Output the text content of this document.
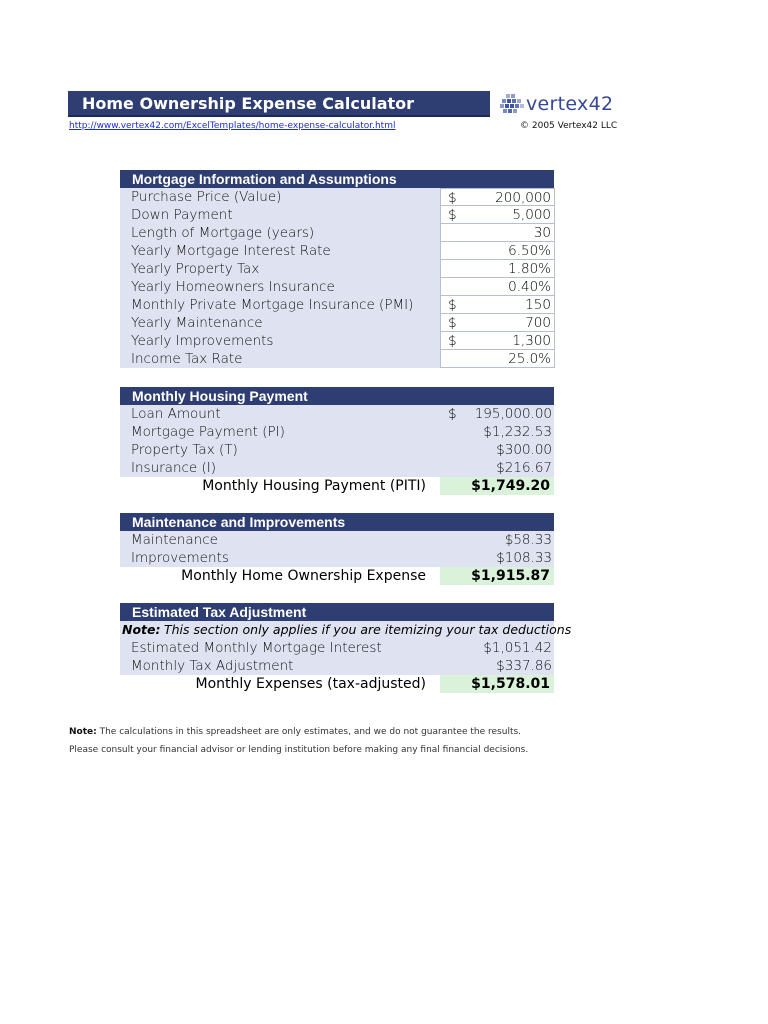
Home Ownership Expense Calculator	vertex42
http://www.vertex42.com/ExcelTemplates/home-expense-calculator.html	© 2005 Vertex42 LLC
Mortgage Information and Assumptions
Purchase Price (Value)	$	200,000
Down Payment	$	5,000
Length of Mortgage (years)	30
Yearly Mortgage Interest Rate	6.50%
Yearly Property Tax	1.80%
Yearly Homeowners Insurance	0.40%
Monthly Private Mortgage Insurance (PMI)	$	150
Yearly Maintenance	$	700
Yearly Improvements	$	1,300
Income Tax Rate	25.0%
Monthly Housing Payment
Loan Amount	$ 195,000.00
Mortgage Payment (PI)	$1,232.53
Property Tax (T)	$300.00
Insurance (I)	$216.67
Monthly Housing Payment (PITI)	$1,749.20
Maintenance and Improvements
Maintenance	$58.33
Improvements	$108.33
Monthly Home Ownership Expense	$1,915.87
Estimated Tax Adjustment
Note: This section only applies if you are itemizing your tax deductions
Estimated Monthly Mortgage Interest	$1,051.42
Monthly Tax Adjustment	$337.86
Monthly Expenses (tax-adjusted)	$1,578.01
Note: The calculations in this spreadsheet are only estimates, and we do not guarantee the results.
Please consult your financial advisor or lending institution before making any final financial decisions.
